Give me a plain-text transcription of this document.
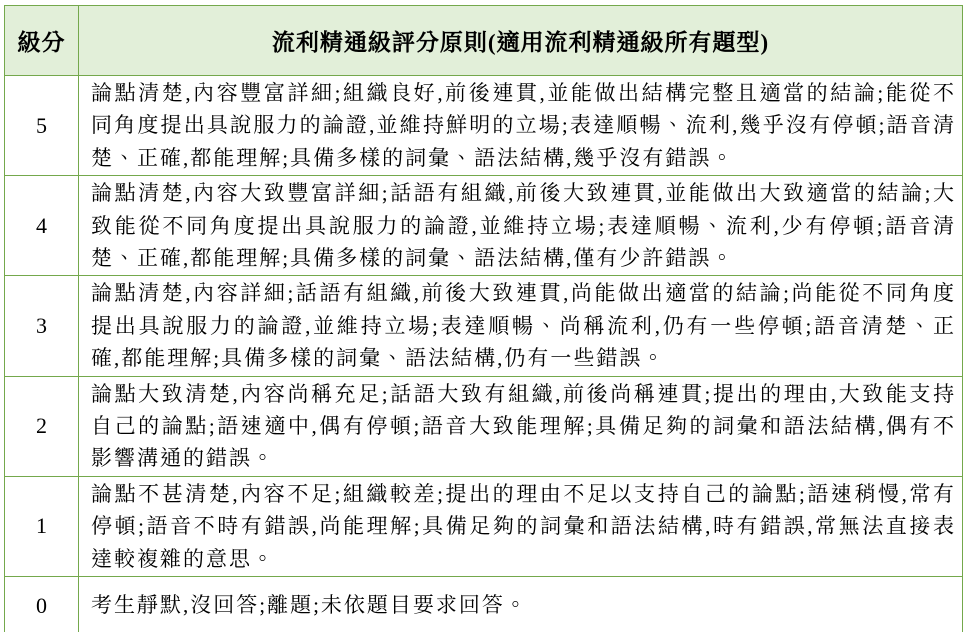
級分	流利精通級評分原則(適用流利精通級所有題型)
5	論點清楚,內容豐富詳細;組織良好,前後連貫,並能做出結構完整且適當的結論;能從不同角度提出具說服力的論證,並維持鮮明的立場;表達順暢、流利,幾乎沒有停頓;語音清楚、正確,都能理解;具備多樣的詞彙、語法結構,幾乎沒有錯誤。
4	論點清楚,內容大致豐富詳細;話語有組織,前後大致連貫,並能做出大致適當的結論;大致能從不同角度提出具說服力的論證,並維持立場;表達順暢、流利,少有停頓;語音清楚、正確,都能理解;具備多樣的詞彙、語法結構,僅有少許錯誤。
3	論點清楚,內容詳細;話語有組織,前後大致連貫,尚能做出適當的結論;尚能從不同角度提出具說服力的論證,並維持立場;表達順暢、尚稱流利,仍有一些停頓;語音清楚、正確,都能理解;具備多樣的詞彙、語法結構,仍有一些錯誤。
2	論點大致清楚,內容尚稱充足;話語大致有組織,前後尚稱連貫;提出的理由,大致能支持自己的論點;語速適中,偶有停頓;語音大致能理解;具備足夠的詞彙和語法結構,偶有不影響溝通的錯誤。
1	論點不甚清楚,內容不足;組織較差;提出的理由不足以支持自己的論點;語速稍慢,常有停頓;語音不時有錯誤,尚能理解;具備足夠的詞彙和語法結構,時有錯誤,常無法直接表達較複雜的意思。
0	考生靜默,沒回答;離題;未依題目要求回答。
